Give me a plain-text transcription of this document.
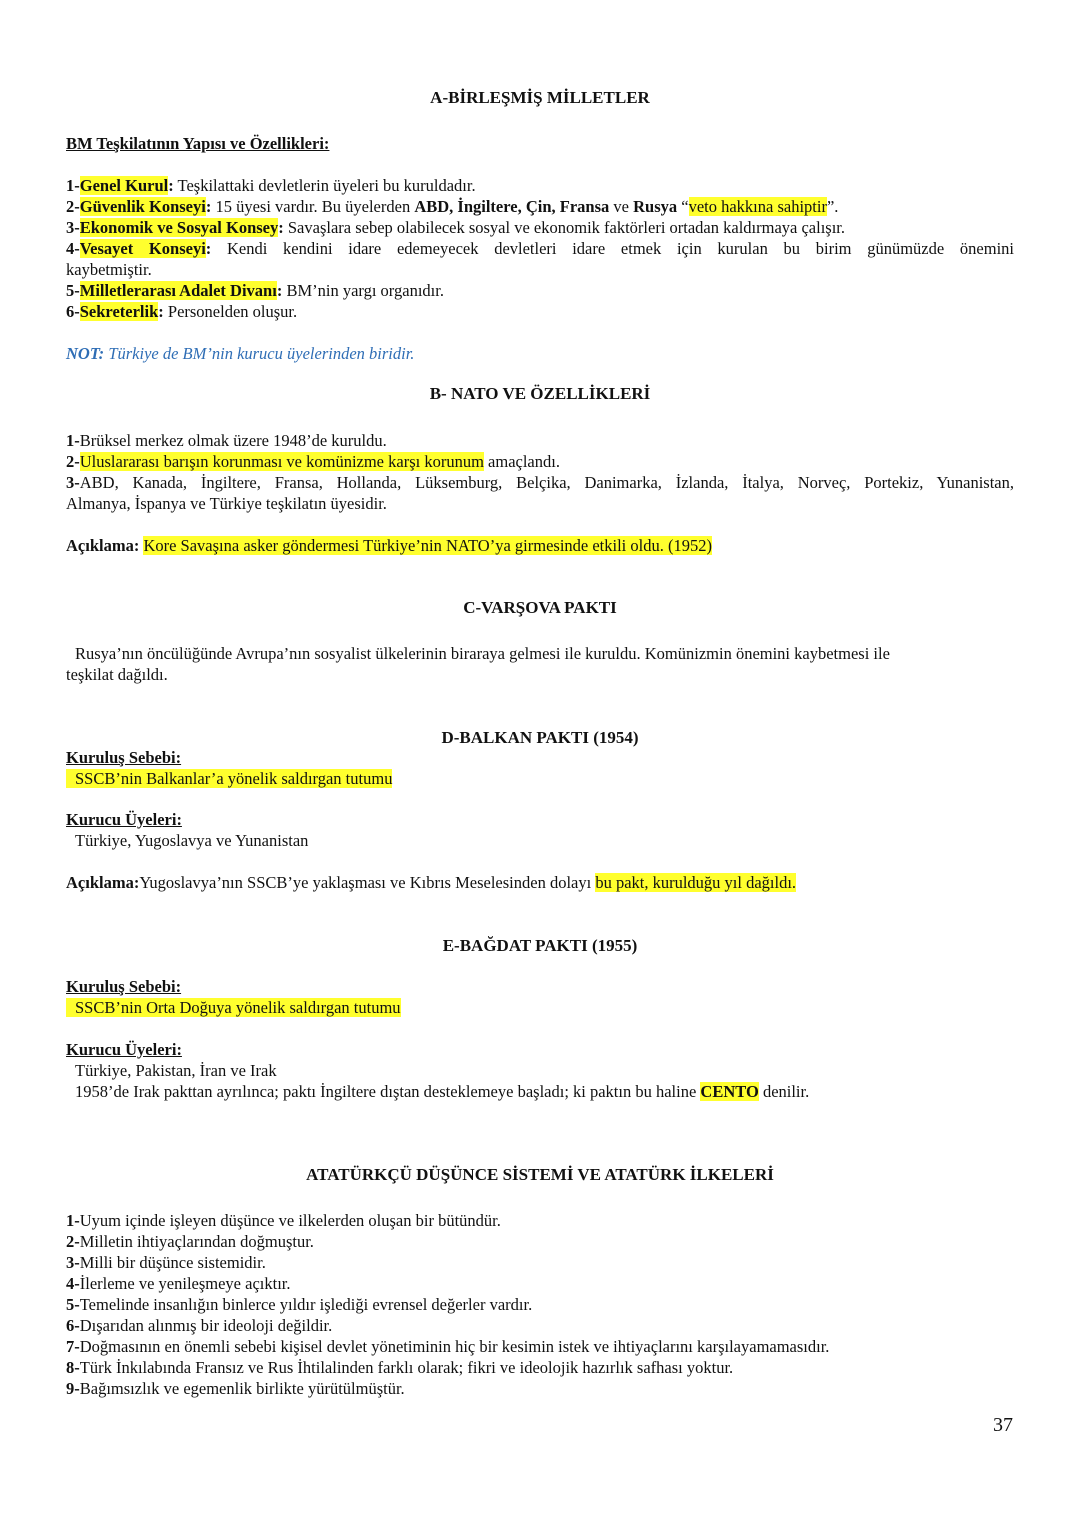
A-BİRLEŞMİŞ MİLLETLER
BM Teşkilatının Yapısı ve Özellikleri:
1-Genel Kurul: Teşkilattaki devletlerin üyeleri bu kuruldadır.
2-Güvenlik Konseyi: 15 üyesi vardır. Bu üyelerden ABD, İngiltere, Çin, Fransa ve Rusya “veto hakkına sahiptir”.
3-Ekonomik ve Sosyal Konsey: Savaşlara sebep olabilecek sosyal ve ekonomik faktörleri ortadan kaldırmaya çalışır.
4-Vesayet Konseyi: Kendi kendini idare edemeyecek devletleri idare etmek için kurulan bu birim günümüzde önemini
kaybetmiştir.
5-Milletlerarası Adalet Divanı: BM’nin yargı organıdır.
6-Sekreterlik: Personelden oluşur.
NOT: Türkiye de BM’nin kurucu üyelerinden biridir.
B- NATO VE ÖZELLİKLERİ
1-Brüksel merkez olmak üzere 1948’de kuruldu.
2-Uluslararası barışın korunması ve komünizme karşı korunum amaçlandı.
3-ABD, Kanada, İngiltere, Fransa, Hollanda, Lüksemburg, Belçika, Danimarka, İzlanda, İtalya, Norveç, Portekiz, Yunanistan,
Almanya, İspanya ve Türkiye teşkilatın üyesidir.
Açıklama: Kore Savaşına asker göndermesi Türkiye’nin NATO’ya girmesinde etkili oldu. (1952)
C-VARŞOVA PAKTI
Rusya’nın öncülüğünde Avrupa’nın sosyalist ülkelerinin biraraya gelmesi ile kuruldu. Komünizmin önemini kaybetmesi ile
teşkilat dağıldı.
D-BALKAN PAKTI (1954)
Kuruluş Sebebi:
SSCB’nin Balkanlar’a yönelik saldırgan tutumu
Kurucu Üyeleri:
Türkiye, Yugoslavya ve Yunanistan
Açıklama:Yugoslavya’nın SSCB’ye yaklaşması ve Kıbrıs Meselesinden dolayı bu pakt, kurulduğu yıl dağıldı.
E-BAĞDAT PAKTI (1955)
Kuruluş Sebebi:
SSCB’nin Orta Doğuya yönelik saldırgan tutumu
Kurucu Üyeleri:
Türkiye, Pakistan, İran ve Irak
1958’de Irak pakttan ayrılınca; paktı İngiltere dıştan desteklemeye başladı; ki paktın bu haline CENTO denilir.
ATATÜRKÇÜ DÜŞÜNCE SİSTEMİ VE ATATÜRK İLKELERİ
1-Uyum içinde işleyen düşünce ve ilkelerden oluşan bir bütündür.
2-Milletin ihtiyaçlarından doğmuştur.
3-Milli bir düşünce sistemidir.
4-İlerleme ve yenileşmeye açıktır.
5-Temelinde insanlığın binlerce yıldır işlediği evrensel değerler vardır.
6-Dışarıdan alınmış bir ideoloji değildir.
7-Doğmasının en önemli sebebi kişisel devlet yönetiminin hiç bir kesimin istek ve ihtiyaçlarını karşılayamamasıdır.
8-Türk İnkılabında Fransız ve Rus İhtilalinden farklı olarak; fikri ve ideolojik hazırlık safhası yoktur.
9-Bağımsızlık ve egemenlik birlikte yürütülmüştür.
37
